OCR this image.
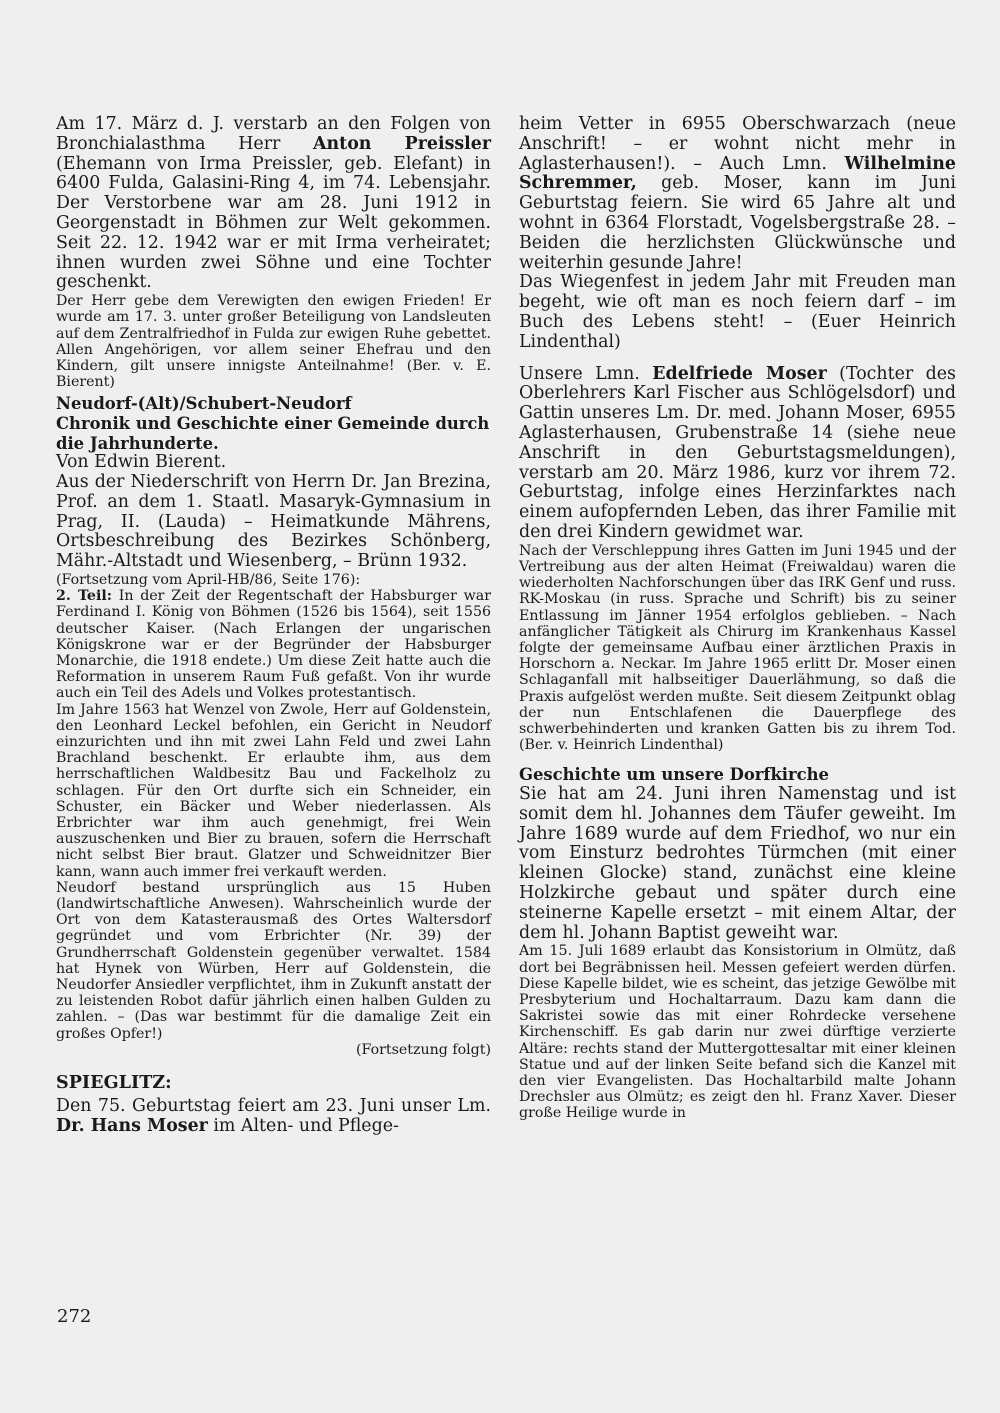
Am 17. März d. J. verstarb an den Folgen von Bronchialasthma Herr Anton Preissler (Ehemann von Irma Preissler, geb. Elefant) in 6400 Fulda, Galasini-Ring 4, im 74. Lebensjahr. Der Verstorbene war am 28. Juni 1912 in Georgenstadt in Böhmen zur Welt gekommen. Seit 22. 12. 1942 war er mit Irma verheiratet; ihnen wurden zwei Söhne und eine Tochter geschenkt.

Der Herr gebe dem Verewigten den ewigen Frieden! Er wurde am 17. 3. unter großer Beteiligung von Landsleuten auf dem Zentralfriedhof in Fulda zur ewigen Ruhe gebettet. Allen Angehörigen, vor allem seiner Ehefrau und den Kindern, gilt unsere innigste Anteilnahme! (Ber. v. E. Bierent)

Neudorf-(Alt)/Schubert-Neudorf
Chronik und Geschichte einer Gemeinde durch die Jahrhunderte.

Von Edwin Bierent.

Aus der Niederschrift von Herrn Dr. Jan Brezina, Prof. an dem 1. Staatl. Masaryk-Gymnasium in Prag, II. (Lauda) – Heimatkunde Mährens, Ortsbeschreibung des Bezirkes Schönberg, Mähr.-Altstadt und Wiesenberg, – Brünn 1932.

(Fortsetzung vom April-HB/86, Seite 176):

2. Teil: In der Zeit der Regentschaft der Habsburger war Ferdinand I. König von Böhmen (1526 bis 1564), seit 1556 deutscher Kaiser. (Nach Erlangen der ungarischen Königskrone war er der Begründer der Habsburger Monarchie, die 1918 endete.) Um diese Zeit hatte auch die Reformation in unserem Raum Fuß gefaßt. Von ihr wurde auch ein Teil des Adels und Volkes protestantisch.

Im Jahre 1563 hat Wenzel von Zwole, Herr auf Goldenstein, den Leonhard Leckel befohlen, ein Gericht in Neudorf einzurichten und ihn mit zwei Lahn Feld und zwei Lahn Brachland beschenkt. Er erlaubte ihm, aus dem herrschaftlichen Waldbesitz Bau und Fackelholz zu schlagen. Für den Ort durfte sich ein Schneider, ein Schuster, ein Bäcker und Weber niederlassen. Als Erbrichter war ihm auch genehmigt, frei Wein auszuschenken und Bier zu brauen, sofern die Herrschaft nicht selbst Bier braut. Glatzer und Schweidnitzer Bier kann, wann auch immer frei verkauft werden.

Neudorf bestand ursprünglich aus 15 Huben (landwirtschaftliche Anwesen). Wahrscheinlich wurde der Ort von dem Katasterausmaß des Ortes Waltersdorf gegründet und vom Erbrichter (Nr. 39) der Grundherrschaft Goldenstein gegenüber verwaltet. 1584 hat Hynek von Würben, Herr auf Goldenstein, die Neudorfer Ansiedler verpflichtet, ihm in Zukunft anstatt der zu leistenden Robot dafür jährlich einen halben Gulden zu zahlen. – (Das war bestimmt für die damalige Zeit ein großes Opfer!)

(Fortsetzung folgt)

SPIEGLITZ:

Den 75. Geburtstag feiert am 23. Juni unser Lm. Dr. Hans Moser im Alten- und Pflege-

heim Vetter in 6955 Oberschwarzach (neue Anschrift! – er wohnt nicht mehr in Aglasterhausen!). – Auch Lmn. Wilhelmine Schremmer, geb. Moser, kann im Juni Geburtstag feiern. Sie wird 65 Jahre alt und wohnt in 6364 Florstadt, Vogelsbergstraße 28. – Beiden die herzlichsten Glückwünsche und weiterhin gesunde Jahre!

Das Wiegenfest in jedem Jahr mit Freuden man begeht, wie oft man es noch feiern darf – im Buch des Lebens steht! – (Euer Heinrich Lindenthal)

Unsere Lmn. Edelfriede Moser (Tochter des Oberlehrers Karl Fischer aus Schlögelsdorf) und Gattin unseres Lm. Dr. med. Johann Moser, 6955 Aglasterhausen, Grubenstraße 14 (siehe neue Anschrift in den Geburtstagsmeldungen), verstarb am 20. März 1986, kurz vor ihrem 72. Geburtstag, infolge eines Herzinfarktes nach einem aufopfernden Leben, das ihrer Familie mit den drei Kindern gewidmet war.

Nach der Verschleppung ihres Gatten im Juni 1945 und der Vertreibung aus der alten Heimat (Freiwaldau) waren die wiederholten Nachforschungen über das IRK Genf und russ. RK-Moskau (in russ. Sprache und Schrift) bis zu seiner Entlassung im Jänner 1954 erfolglos geblieben. – Nach anfänglicher Tätigkeit als Chirurg im Krankenhaus Kassel folgte der gemeinsame Aufbau einer ärztlichen Praxis in Horschorn a. Neckar. Im Jahre 1965 erlitt Dr. Moser einen Schlaganfall mit halbseitiger Dauerlähmung, so daß die Praxis aufgelöst werden mußte. Seit diesem Zeitpunkt oblag der nun Entschlafenen die Dauerpflege des schwerbehinderten und kranken Gatten bis zu ihrem Tod. (Ber. v. Heinrich Lindenthal)

Geschichte um unsere Dorfkirche

Sie hat am 24. Juni ihren Namenstag und ist somit dem hl. Johannes dem Täufer geweiht. Im Jahre 1689 wurde auf dem Friedhof, wo nur ein vom Einsturz bedrohtes Türmchen (mit einer kleinen Glocke) stand, zunächst eine kleine Holzkirche gebaut und später durch eine steinerne Kapelle ersetzt – mit einem Altar, der dem hl. Johann Baptist geweiht war.

Am 15. Juli 1689 erlaubt das Konsistorium in Olmütz, daß dort bei Begräbnissen heil. Messen gefeiert werden dürfen. Diese Kapelle bildet, wie es scheint, das jetzige Gewölbe mit Presbyterium und Hochaltarraum. Dazu kam dann die Sakristei sowie das mit einer Rohrdecke versehene Kirchenschiff. Es gab darin nur zwei dürftige verzierte Altäre: rechts stand der Muttergottesaltar mit einer kleinen Statue und auf der linken Seite befand sich die Kanzel mit den vier Evangelisten. Das Hochaltarbild malte Johann Drechsler aus Olmütz; es zeigt den hl. Franz Xaver. Dieser große Heilige wurde in

272
